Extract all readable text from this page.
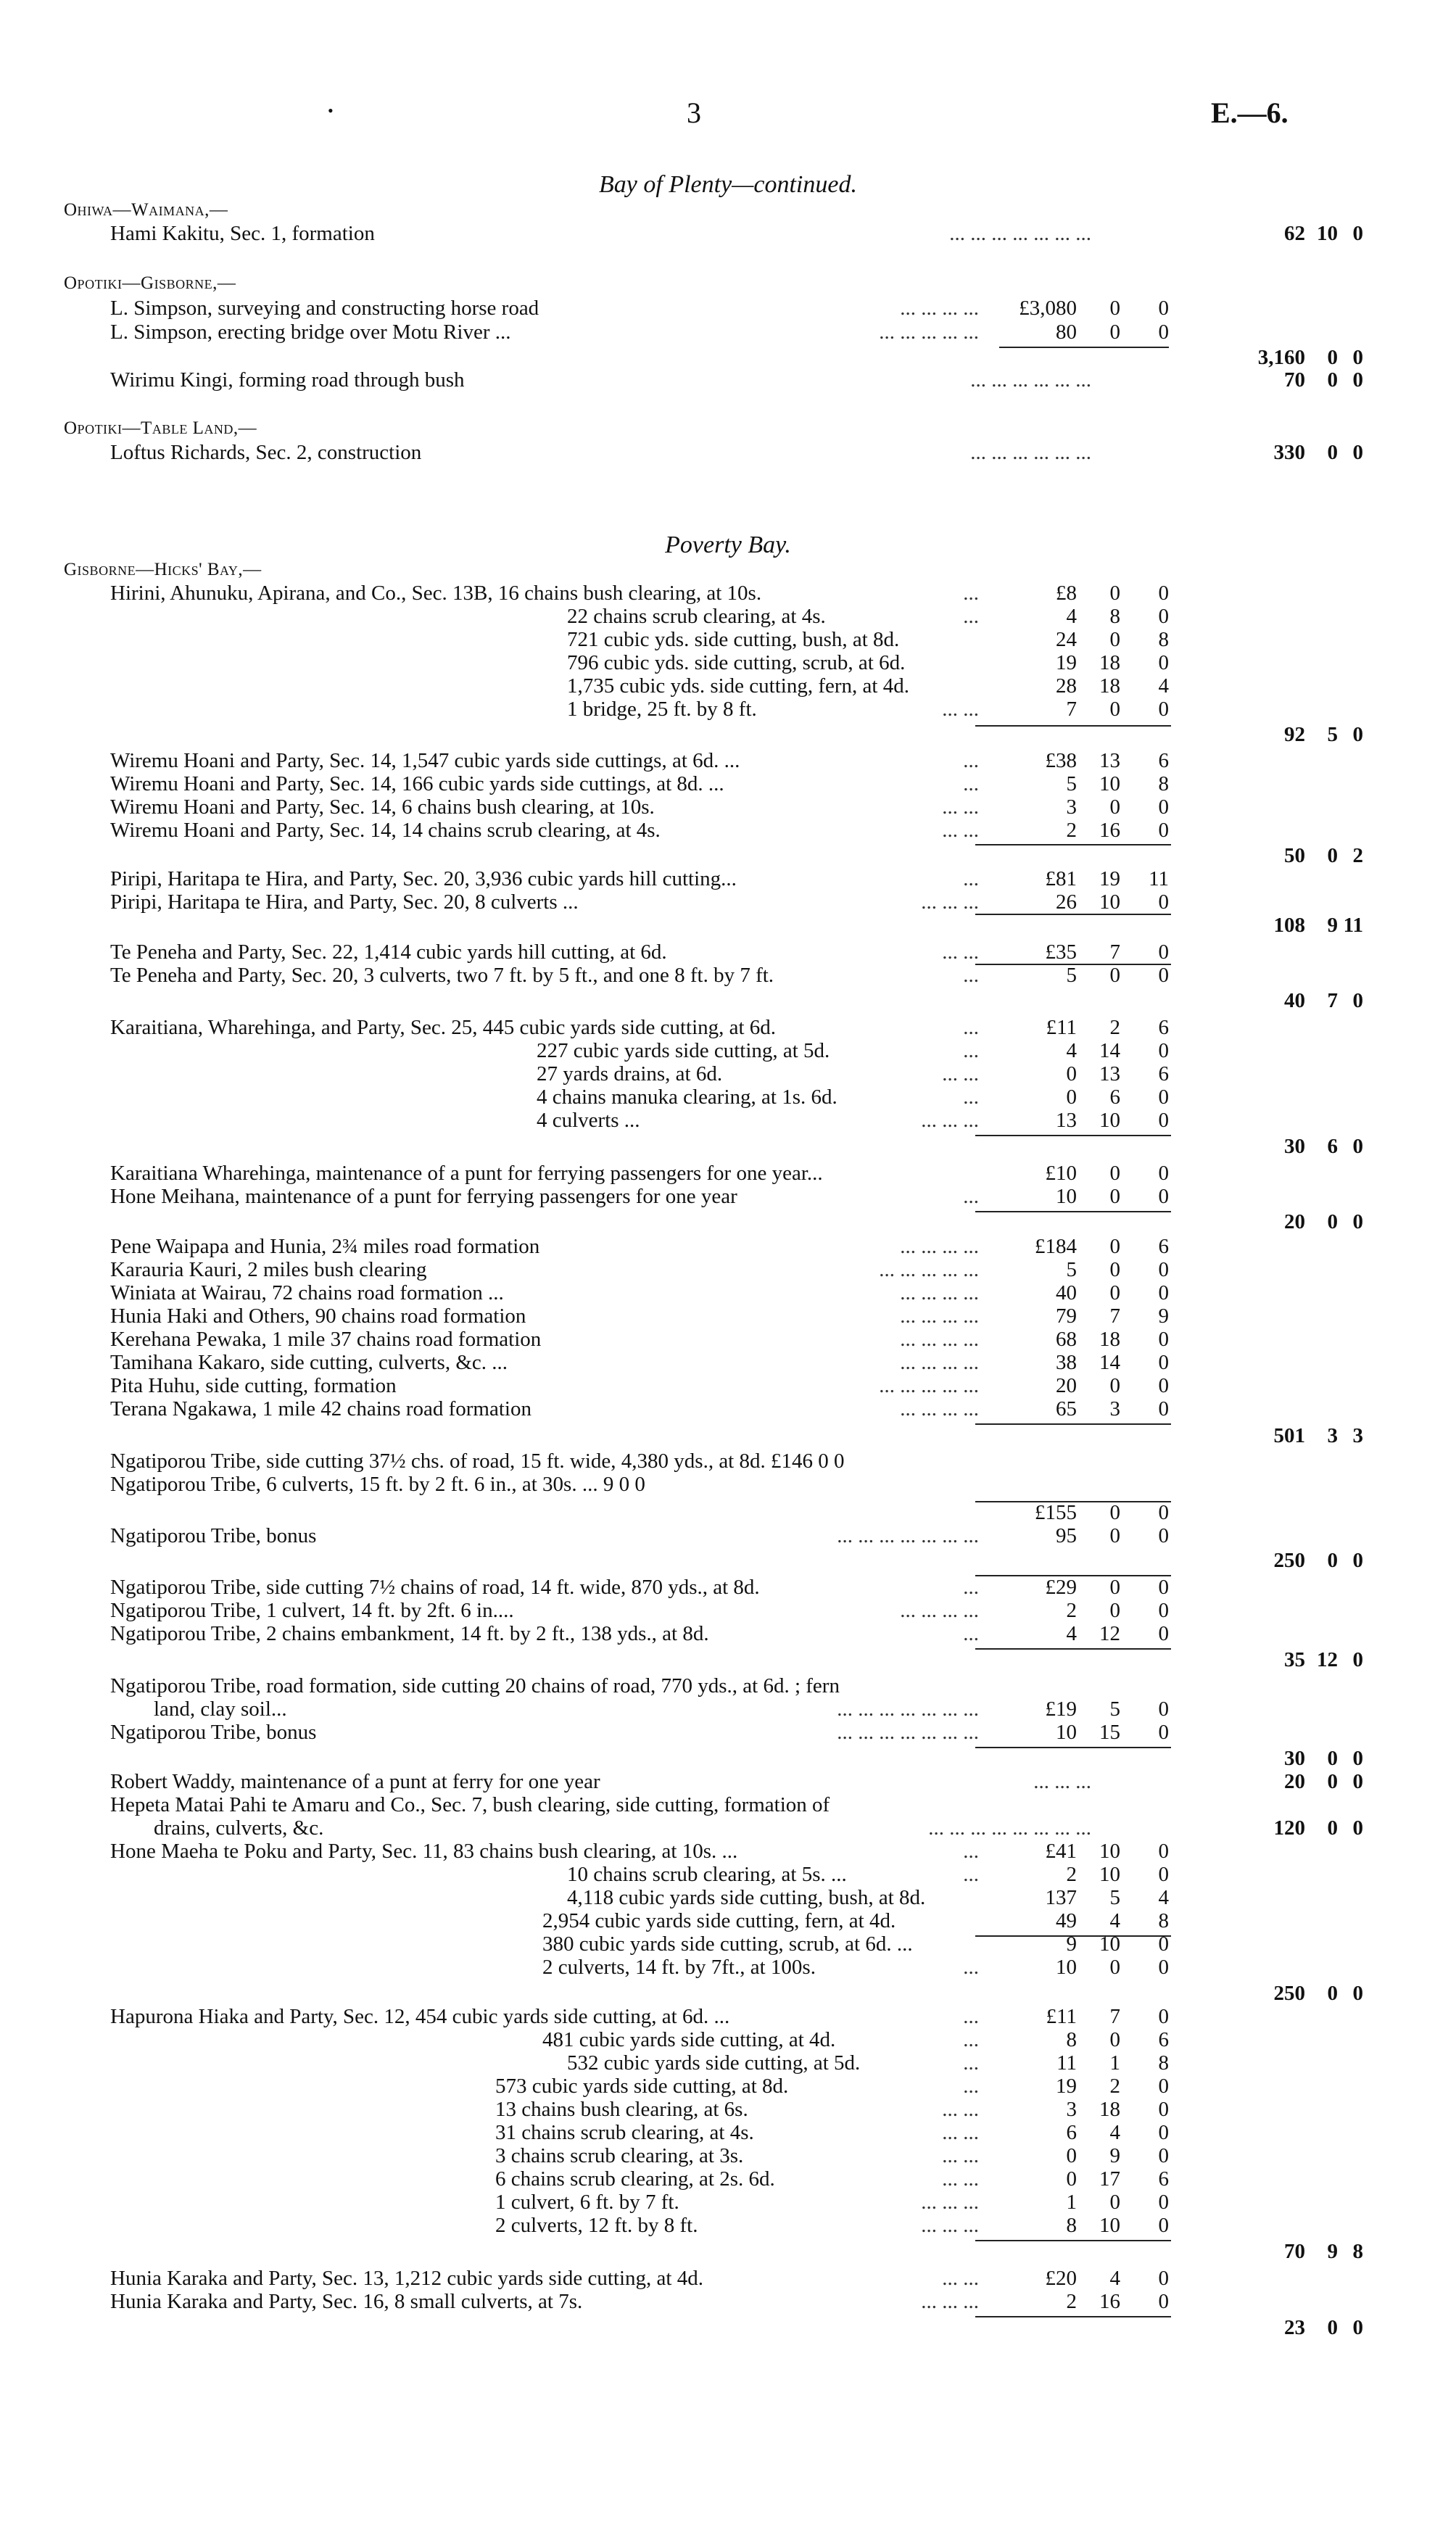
3	E.—6.
Bay of Plenty—continued.
Poverty Bay.
Ohiwa—Waimana,—
Hami Kakitu, Sec. 1, formation	... ... ... ... ... ... ...	62 10 0
Opotiki—Gisborne,—
L. Simpson, surveying and constructing horse road	... ... ... ... £3,080 0 0
L. Simpson, erecting bridge over Motu River ...	... ... ... ... ...	80 0 0
3,160 0 0
Wirimu Kingi, forming road through bush	... ... ... ... ... ...	70 0 0
Opotiki—Table Land,—
Loftus Richards, Sec. 2, construction	... ... ... ... ... ...	330 0 0
Gisborne—Hicks' Bay,—
Hirini, Ahunuku, Apirana, and Co., Sec. 13B, 16 chains bush clearing, at 10s.	...	£8 0 0
22 chains scrub clearing, at 4s.	...	4 8 0
721 cubic yds. side cutting, bush, at 8d.	24 0 8
796 cubic yds. side cutting, scrub, at 6d.	19 18 0
1,735 cubic yds. side cutting, fern, at 4d.	28 18 4
1 bridge, 25 ft. by 8 ft.	... ...	7 0 0
92 5 0
Wiremu Hoani and Party, Sec. 14, 1,547 cubic yards side cuttings, at 6d. ...	...	£38 13 6
Wiremu Hoani and Party, Sec. 14, 166 cubic yards side cuttings, at 8d. ...	...	5 10 8
Wiremu Hoani and Party, Sec. 14, 6 chains bush clearing, at 10s.	... ...	3 0 0
Wiremu Hoani and Party, Sec. 14, 14 chains scrub clearing, at 4s.	... ...	2 16 0
50 0 2
Piripi, Haritapa te Hira, and Party, Sec. 20, 3,936 cubic yards hill cutting...	...	£81 19 11
Piripi, Haritapa te Hira, and Party, Sec. 20, 8 culverts ...	... ... ...	26 10 0
108 9 11
Te Peneha and Party, Sec. 22, 1,414 cubic yards hill cutting, at 6d.	... ...	£35 7 0
Te Peneha and Party, Sec. 20, 3 culverts, two 7 ft. by 5 ft., and one 8 ft. by 7 ft.	...	5 0 0
40 7 0
Karaitiana, Wharehinga, and Party, Sec. 25, 445 cubic yards side cutting, at 6d.	...	£11 2 6
227 cubic yards side cutting, at 5d.	...	4 14 0
27 yards drains, at 6d.	... ...	0 13 6
4 chains manuka clearing, at 1s. 6d.	...	0 6 0
4 culverts ...	... ... ...	13 10 0
30 6 0
Karaitiana Wharehinga, maintenance of a punt for ferrying passengers for one year...	£10 0 0
Hone Meihana, maintenance of a punt for ferrying passengers for one year	...	10 0 0
20 0 0
Pene Waipapa and Hunia, 2¾ miles road formation	... ... ... ...	£184 0 6
Karauria Kauri, 2 miles bush clearing	... ... ... ... ...	5 0 0
Winiata at Wairau, 72 chains road formation ...	... ... ... ...	40 0 0
Hunia Haki and Others, 90 chains road formation	... ... ... ...	79 7 9
Kerehana Pewaka, 1 mile 37 chains road formation	... ... ... ...	68 18 0
Tamihana Kakaro, side cutting, culverts, &c. ...	... ... ... ...	38 14 0
Pita Huhu, side cutting, formation	... ... ... ... ...	20 0 0
Terana Ngakawa, 1 mile 42 chains road formation	... ... ... ...	65 3 0
501 3 3
Ngatiporou Tribe, side cutting 37½ chs. of road, 15 ft. wide, 4,380 yds., at 8d. £146 0 0
Ngatiporou Tribe, 6 culverts, 15 ft. by 2 ft. 6 in., at 30s. ... 9 0 0
£155 0 0
Ngatiporou Tribe, bonus	... ... ... ... ... ... ...	95 0 0
250 0 0
Ngatiporou Tribe, side cutting 7½ chains of road, 14 ft. wide, 870 yds., at 8d.	...	£29 0 0
Ngatiporou Tribe, 1 culvert, 14 ft. by 2ft. 6 in....	... ... ... ...	2 0 0
Ngatiporou Tribe, 2 chains embankment, 14 ft. by 2 ft., 138 yds., at 8d.	...	4 12 0
35 12 0
Ngatiporou Tribe, road formation, side cutting 20 chains of road, 770 yds., at 6d. ; fern
land, clay soil...	... ... ... ... ... ... ...	£19 5 0
Ngatiporou Tribe, bonus	... ... ... ... ... ... ...	10 15 0
30 0 0
Robert Waddy, maintenance of a punt at ferry for one year	... ... ...	20 0 0
Hepeta Matai Pahi te Amaru and Co., Sec. 7, bush clearing, side cutting, formation of
drains, culverts, &c.	... ... ... ... ... ... ... ...	120 0 0
Hone Maeha te Poku and Party, Sec. 11, 83 chains bush clearing, at 10s. ...	...	£41 10 0
10 chains scrub clearing, at 5s. ...	...	2 10 0
4,118 cubic yards side cutting, bush, at 8d.	137 5 4
2,954 cubic yards side cutting, fern, at 4d.	49 4 8
380 cubic yards side cutting, scrub, at 6d. ...	9 10 0
2 culverts, 14 ft. by 7ft., at 100s.	...	10 0 0
250 0 0
Hapurona Hiaka and Party, Sec. 12, 454 cubic yards side cutting, at 6d. ...	...	£11 7 0
481 cubic yards side cutting, at 4d.	...	8 0 6
532 cubic yards side cutting, at 5d.	...	11 1 8
573 cubic yards side cutting, at 8d.	...	19 2 0
13 chains bush clearing, at 6s.	... ...	3 18 0
31 chains scrub clearing, at 4s.	... ...	6 4 0
3 chains scrub clearing, at 3s.	... ...	0 9 0
6 chains scrub clearing, at 2s. 6d.	... ...	0 17 6
1 culvert, 6 ft. by 7 ft.	... ... ...	1 0 0
2 culverts, 12 ft. by 8 ft.	... ... ...	8 10 0
70 9 8
Hunia Karaka and Party, Sec. 13, 1,212 cubic yards side cutting, at 4d.	... ...	£20 4 0
Hunia Karaka and Party, Sec. 16, 8 small culverts, at 7s.	... ... ...	2 16 0
23 0 0
•
